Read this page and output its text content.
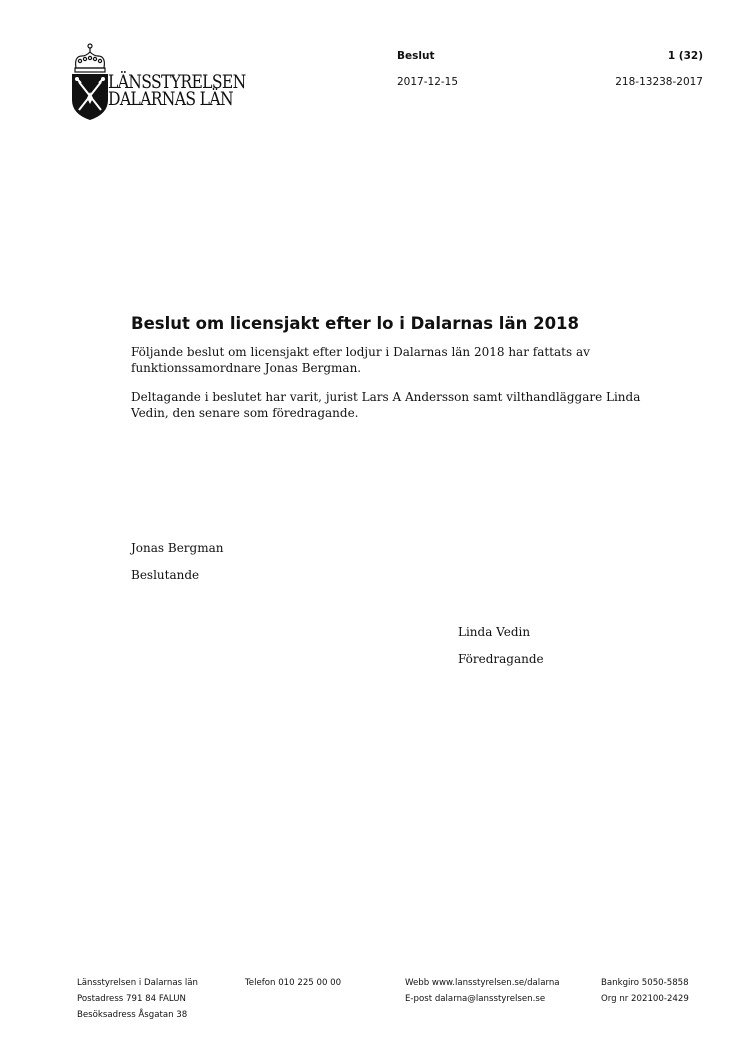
LÄNSSTYRELSEN
DALARNAS LÄN
Beslut	1 (32)
2017-12-15	218-13238-2017
Beslut om licensjakt efter lo i Dalarnas län 2018
Följande beslut om licensjakt efter lodjur i Dalarnas län 2018 har fattats av funktionssamordnare Jonas Bergman.
Deltagande i beslutet har varit, jurist Lars A Andersson samt vilthandläggare Linda Vedin, den senare som föredragande.
Jonas Bergman
Beslutande
Linda Vedin
Föredragande
Länsstyrelsen i Dalarnas län
Postadress 791 84 FALUN
Besöksadress Åsgatan 38
Telefon 010 225 00 00	Webb www.lansstyrelsen.se/dalarna
E-post dalarna@lansstyrelsen.se
Bankgiro 5050-5858
Org nr 202100-2429
